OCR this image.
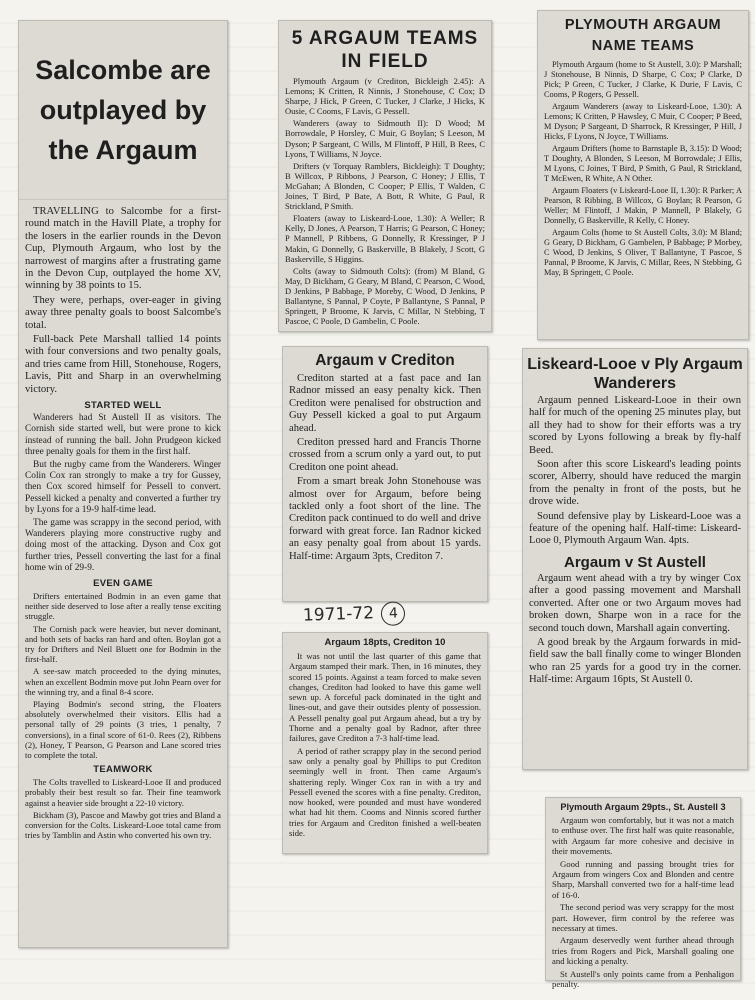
Salcombe are outplayed by the Argaum

TRAVELLING to Salcombe for a first-round match in the Havill Plate, a trophy for the losers in the earlier rounds in the Devon Cup, Plymouth Argaum, who lost by the narrowest of margins after a frustrating game in the Devon Cup, outplayed the home XV, winning by 38 points to 15.

They were, perhaps, over-eager in giving away three penalty goals to boost Salcombe's total.

Full-back Pete Marshall tallied 14 points with four conversions and two penalty goals, and tries came from Hill, Stonehouse, Rogers, Lavis, Pitt and Sharp in an overwhelming victory.

STARTED WELL

Wanderers had St Austell II as visitors. The Cornish side started well, but were prone to kick instead of running the ball. John Prudgeon kicked three penalty goals for them in the first half.

But the rugby came from the Wanderers. Winger Colin Cox ran strongly to make a try for Gussey, then Cox scored himself for Pessell to convert. Pessell kicked a penalty and converted a further try by Lyons for a 19-9 half-time lead.

The game was scrappy in the second period, with Wanderers playing more constructive rugby and doing most of the attacking. Dyson and Cox got further tries, Pessell converting the last for a final home win of 29-9.

EVEN GAME

Drifters entertained Bodmin in an even game that neither side deserved to lose after a really tense exciting struggle.

The Cornish pack were heavier, but never dominant, and both sets of backs ran hard and often. Boylan got a try for Drifters and Neil Bluett one for Bodmin in the first-half.

A see-saw match proceeded to the dying minutes, when an excellent Bodmin move put John Pearn over for the winning try, and a final 8-4 score.

Playing Bodmin's second string, the Floaters absolutely overwhelmed their visitors. Ellis had a personal tally of 29 points (3 tries, 1 penalty, 7 conversions), in a final score of 61-0. Rees (2), Ribbens (2), Honey, T Pearson, G Pearson and Lane scored tries to complete the total.

TEAMWORK

The Colts travelled to Liskeard-Looe II and produced probably their best result so far. Their fine teamwork against a heavier side brought a 22-10 victory.

Bickham (3), Pascoe and Mawby got tries and Bland a conversion for the Colts. Liskeard-Looe total came from tries by Tamblin and Astin who converted his own try.

5 ARGAUM TEAMS IN FIELD

Plymouth Argaum (v Crediton, Bickleigh 2.45): A Lemons; K Critten, R Ninnis, J Stonehouse, C Cox; D Sharpe, J Hick, P Green, C Tucker, J Clarke, J Hicks, K Ousie, C Cooms, F Lavis, G Pessell.

Wanderers (away to Sidmouth II): D Wood; M Borrowdale, P Horsley, C Muir, G Boylan; S Leeson, M Dyson; P Sargeant, C Wills, M Flintoff, P Hill, B Rees, C Lyons, T Williams, N Joyce.

Drifters (v Torquay Ramblers, Bickleigh): T Doughty; B Willcox, P Ribbons, J Pearson, C Honey; J Ellis, T McGahan; A Blonden, C Cooper; P Ellis, T Walden, C Joines, T Bird, P Bate, A Bott, R White, G Paul, R Strickland, P Smith.

Floaters (away to Liskeard-Looe, 1.30): A Weller; R Kelly, D Jones, A Pearson, T Harris; G Pearson, C Honey; P Mannell, P Ribbens, G Donnelly, R Kressinger, P J Makin, G Donnelly, G Baskerville, B Blakely, J Scott, G Baskerville, S Higgins.

Colts (away to Sidmouth Colts): (from) M Bland, G May, D Bickham, G Geary, M Bland, C Pearson, C Wood, D Jenkins, P Babbage, P Moreby, C Wood, D Jenkins, P Ballantyne, S Pannal, P Coyte, P Ballantyne, S Pannal, P Springett, P Broome, K Jarvis, C Millar, N Stebbing, T Pascoe, C Poole, D Gambelin, C Poole.

Argaum v Crediton

Crediton started at a fast pace and Ian Radnor missed an easy penalty kick. Then Crediton were penalised for obstruction and Guy Pessell kicked a goal to put Argaum ahead.

Crediton pressed hard and Francis Thorne crossed from a scrum only a yard out, to put Crediton one point ahead.

From a smart break John Stonehouse was almost over for Argaum, before being tackled only a foot short of the line. The Crediton pack continued to do well and drive forward with great force. Ian Radnor kicked an easy penalty goal from about 15 yards. Half-time: Argaum 3pts, Crediton 7.

1971-72 4
Argaum 18pts, Crediton 10

It was not until the last quarter of this game that Argaum stamped their mark. Then, in 16 minutes, they scored 15 points. Against a team forced to make seven changes, Crediton had looked to have this game well sewn up. A forceful pack dominated in the tight and lines-out, and gave their outsides plenty of possession. A Pessell penalty goal put Argaum ahead, but a try by Thorne and a penalty goal by Radnor, after three failures, gave Crediton a 7-3 half-time lead.

A period of rather scrappy play in the second period saw only a penalty goal by Phillips to put Crediton seemingly well in front. Then came Argaum's shattering reply. Winger Cox ran in with a try and Pessell evened the scores with a fine penalty. Crediton, now hooked, were pounded and must have wondered what had hit them. Cooms and Ninnis scored further tries for Argaum and Crediton finished a well-beaten side.

PLYMOUTH ARGAUM NAME TEAMS

Plymouth Argaum (home to St Austell, 3.0): P Marshall; J Stonehouse, B Ninnis, D Sharpe, C Cox; P Clarke, D Pick; P Green, C Tucker, J Clarke, K Durie, F Lavis, C Cooms, P Rogers, G Pessell.

Argaum Wanderers (away to Liskeard-Looe, 1.30): A Lemons; K Critten, P Hawsley, C Muir, C Cooper; P Beed, M Dyson; P Sargeant, D Sharrock, R Kressinger, P Hill, J Hicks, F Lyons, N Joyce, T Williams.

Argaum Drifters (home to Barnstaple B, 3.15): D Wood; T Doughty, A Blonden, S Leeson, M Borrowdale; J Ellis, M Lyons, C Joines, T Bird, P Smith, G Paul, R Strickland, T McEwen, R White, A N Other.

Argaum Floaters (v Liskeard-Looe II, 1.30): R Parker; A Pearson, R Ribbing, B Willcox, G Boylan; R Pearson, G Weller; M Flintoff, J Makin, P Mannell, P Blakely, G Donnelly, G Baskerville, R Kelly, C Honey.

Argaum Colts (home to St Austell Colts, 3.0): M Bland; G Geary, D Bickham, G Gambelen, P Babbage; P Morbey, C Wood, D Jenkins, S Oliver, T Ballantyne, T Pascoe, S Pannal, P Broome, K Jarvis, C Millar, Rees, N Stebbing, G May, B Springett, C Poole.

Liskeard-Looe v Ply Argaum Wanderers

Argaum penned Liskeard-Looe in their own half for much of the opening 25 minutes play, but all they had to show for their efforts was a try scored by Lyons following a break by fly-half Beed.

Soon after this score Liskeard's leading points scorer, Alberry, should have reduced the margin from the penalty in front of the posts, but he drove wide.

Sound defensive play by Liskeard-Looe was a feature of the opening half. Half-time: Liskeard-Looe 0, Plymouth Argaum Wan. 4pts.

Argaum v St Austell

Argaum went ahead with a try by winger Cox after a good passing movement and Marshall converted. After one or two Argaum moves had broken down, Sharpe won in a race for the second touch down, Marshall again converting.

A good break by the Argaum forwards in mid-field saw the ball finally come to winger Blonden who ran 25 yards for a good try in the corner. Half-time: Argaum 16pts, St Austell 0.

Plymouth Argaum 29pts., St. Austell 3

Argaum won comfortably, but it was not a match to enthuse over. The first half was quite reasonable, with Argaum far more cohesive and decisive in their movements.

Good running and passing brought tries for Argaum from wingers Cox and Blonden and centre Sharp, Marshall converted two for a half-time lead of 16-0.

The second period was very scrappy for the most part. However, firm control by the referee was necessary at times.

Argaum deservedly went further ahead through tries from Rogers and Pick, Marshall goaling one and kicking a penalty.

St Austell's only points came from a Penhaligon penalty.
